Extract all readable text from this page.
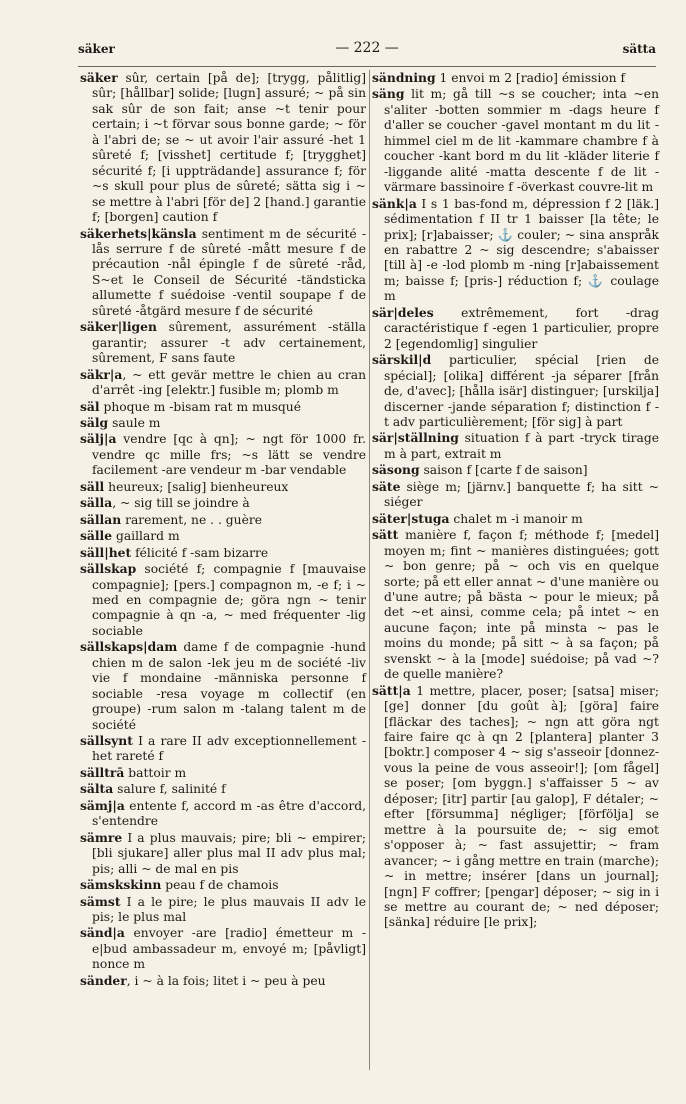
säker	— 222 —	sätta

säker sûr, certain [på de]; [trygg, pålitlig] sûr; [hållbar] solide; [lugn] assuré; ~ på sin sak sûr de son fait; anse ~t tenir pour certain; i ~t förvar sous bonne garde; ~ för à l'abri de; se ~ ut avoir l'air assuré -het 1 sûreté f; [visshet] certitude f; [trygghet] sécurité f; [i uppträdande] assurance f; för ~s skull pour plus de sûreté; sätta sig i ~ se mettre à l'abri [för de] 2 [hand.] garantie f; [borgen] caution f

säkerhets|känsla sentiment m de sécurité -lås serrure f de sûreté -mått mesure f de précaution -nål épingle f de sûreté -råd, S~et le Conseil de Sécurité -tändsticka allumette f suédoise -ventil soupape f de sûreté -åtgärd mesure f de sécurité

säker|ligen sûrement, assurément -ställa garantir; assurer -t adv certainement, sûrement, F sans faute

säkr|a, ~ ett gevär mettre le chien au cran d'arrêt -ing [elektr.] fusible m; plomb m

säl phoque m -bisam rat m musqué

sälg saule m

sälj|a vendre [qc à qn]; ~ ngt för 1000 fr. vendre qc mille frs; ~s lätt se vendre facilement -are vendeur m -bar vendable

säll heureux; [salig] bienheureux

sälla, ~ sig till se joindre à

sällan rarement, ne . . guère

sälle gaillard m

säll|het félicité f -sam bizarre

sällskap société f; compagnie f [mauvaise compagnie]; [pers.] compagnon m, -e f; i ~ med en compagnie de; göra ngn ~ tenir compagnie à qn -a, ~ med fréquenter -lig sociable

sällskaps|dam dame f de compagnie -hund chien m de salon -lek jeu m de société -liv vie f mondaine -människa personne f sociable -resa voyage m collectif (en groupe) -rum salon m -talang talent m de société

sällsynt I a rare II adv exceptionnellement -het rareté f

sälltrā battoir m

sälta salure f, salinité f

sämj|a entente f, accord m -as être d'accord, s'entendre

sämre I a plus mauvais; pire; bli ~ empirer; [bli sjukare] aller plus mal II adv plus mal; pis; alli ~ de mal en pis

sämskskinn peau f de chamois

sämst I a le pire; le plus mauvais II adv le pis; le plus mal

sänd|a envoyer -are [radio] émetteur m -e|bud ambassadeur m, envoyé m; [påvligt] nonce m

sänder, i ~ à la fois; litet i ~ peu à peu

sändning 1 envoi m 2 [radio] émission f

säng lit m; gå till ~s se coucher; inta ~en s'aliter -botten sommier m -dags heure f d'aller se coucher -gavel montant m du lit -himmel ciel m de lit -kammare chambre f à coucher -kant bord m du lit -kläder literie f -liggande alité -matta descente f de lit -värmare bassinoire f -överkast couvre-lit m

sänk|a I s 1 bas-fond m, dépression f 2 [läk.] sédimentation f II tr 1 baisser [la tête; le prix]; [r]abaisser; ⚓ couler; ~ sina anspråk en rabattre 2 ~ sig descendre; s'abaisser [till à] -e -lod plomb m -ning [r]abaissement m; baisse f; [pris-] réduction f; ⚓ coulage m

sär|deles extrêmement, fort -drag caractéristique f -egen 1 particulier, propre 2 [egendomlig] singulier

särskil|d particulier, spécial [rien de spécial]; [olika] différent -ja séparer [från de, d'avec]; [hålla isär] distinguer; [urskilja] discerner -jande séparation f; distinction f -t adv particulièrement; [för sig] à part

sär|ställning situation f à part -tryck tirage m à part, extrait m

säsong saison f [carte f de saison]

säte siège m; [järnv.] banquette f; ha sitt ~ siéger

säter|stuga chalet m -i manoir m

sätt manière f, façon f; méthode f; [medel] moyen m; fint ~ manières distinguées; gott ~ bon genre; på ~ och vis en quelque sorte; på ett eller annat ~ d'une manière ou d'une autre; på bästa ~ pour le mieux; på det ~et ainsi, comme cela; på intet ~ en aucune façon; inte på minsta ~ pas le moins du monde; på sitt ~ à sa façon; på svenskt ~ à la [mode] suédoise; på vad ~? de quelle manière?

sätt|a 1 mettre, placer, poser; [satsa] miser; [ge] donner [du goût à]; [göra] faire [fläckar des taches]; ~ ngn att göra ngt faire faire qc à qn 2 [plantera] planter 3 [boktr.] composer 4 ~ sig s'asseoir [donnez-vous la peine de vous asseoir!]; [om fågel] se poser; [om byggn.] s'affaisser 5 ~ av déposer; [itr] partir [au galop], F détaler; ~ efter [försumma] négliger; [förfölja] se mettre à la poursuite de; ~ sig emot s'opposer à; ~ fast assujettir; ~ fram avancer; ~ i gång mettre en train (marche); ~ in mettre; insérer [dans un journal]; [ngn] F coffrer; [pengar] déposer; ~ sig in i se mettre au courant de; ~ ned déposer; [sänka] réduire [le prix];
